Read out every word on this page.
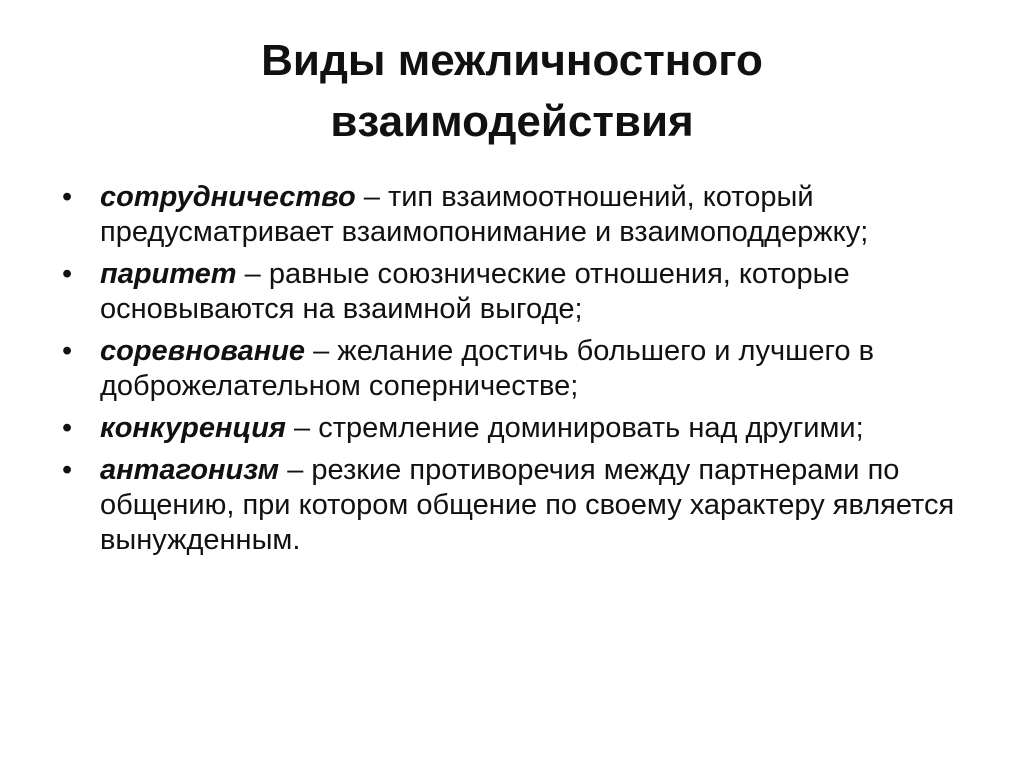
Виды межличностного
взаимодействия
• сотрудничество – тип взаимоотношений, который предусматривает взаимопонимание и взаимоподдержку;
• паритет – равные союзнические отношения, которые основываются на взаимной выгоде;
• соревнование – желание достичь большего и лучшего в доброжелательном соперничестве;
• конкуренция – стремление доминировать над другими;
• антагонизм – резкие противоречия между партнерами по общению, при котором общение по своему характеру является вынужденным.
